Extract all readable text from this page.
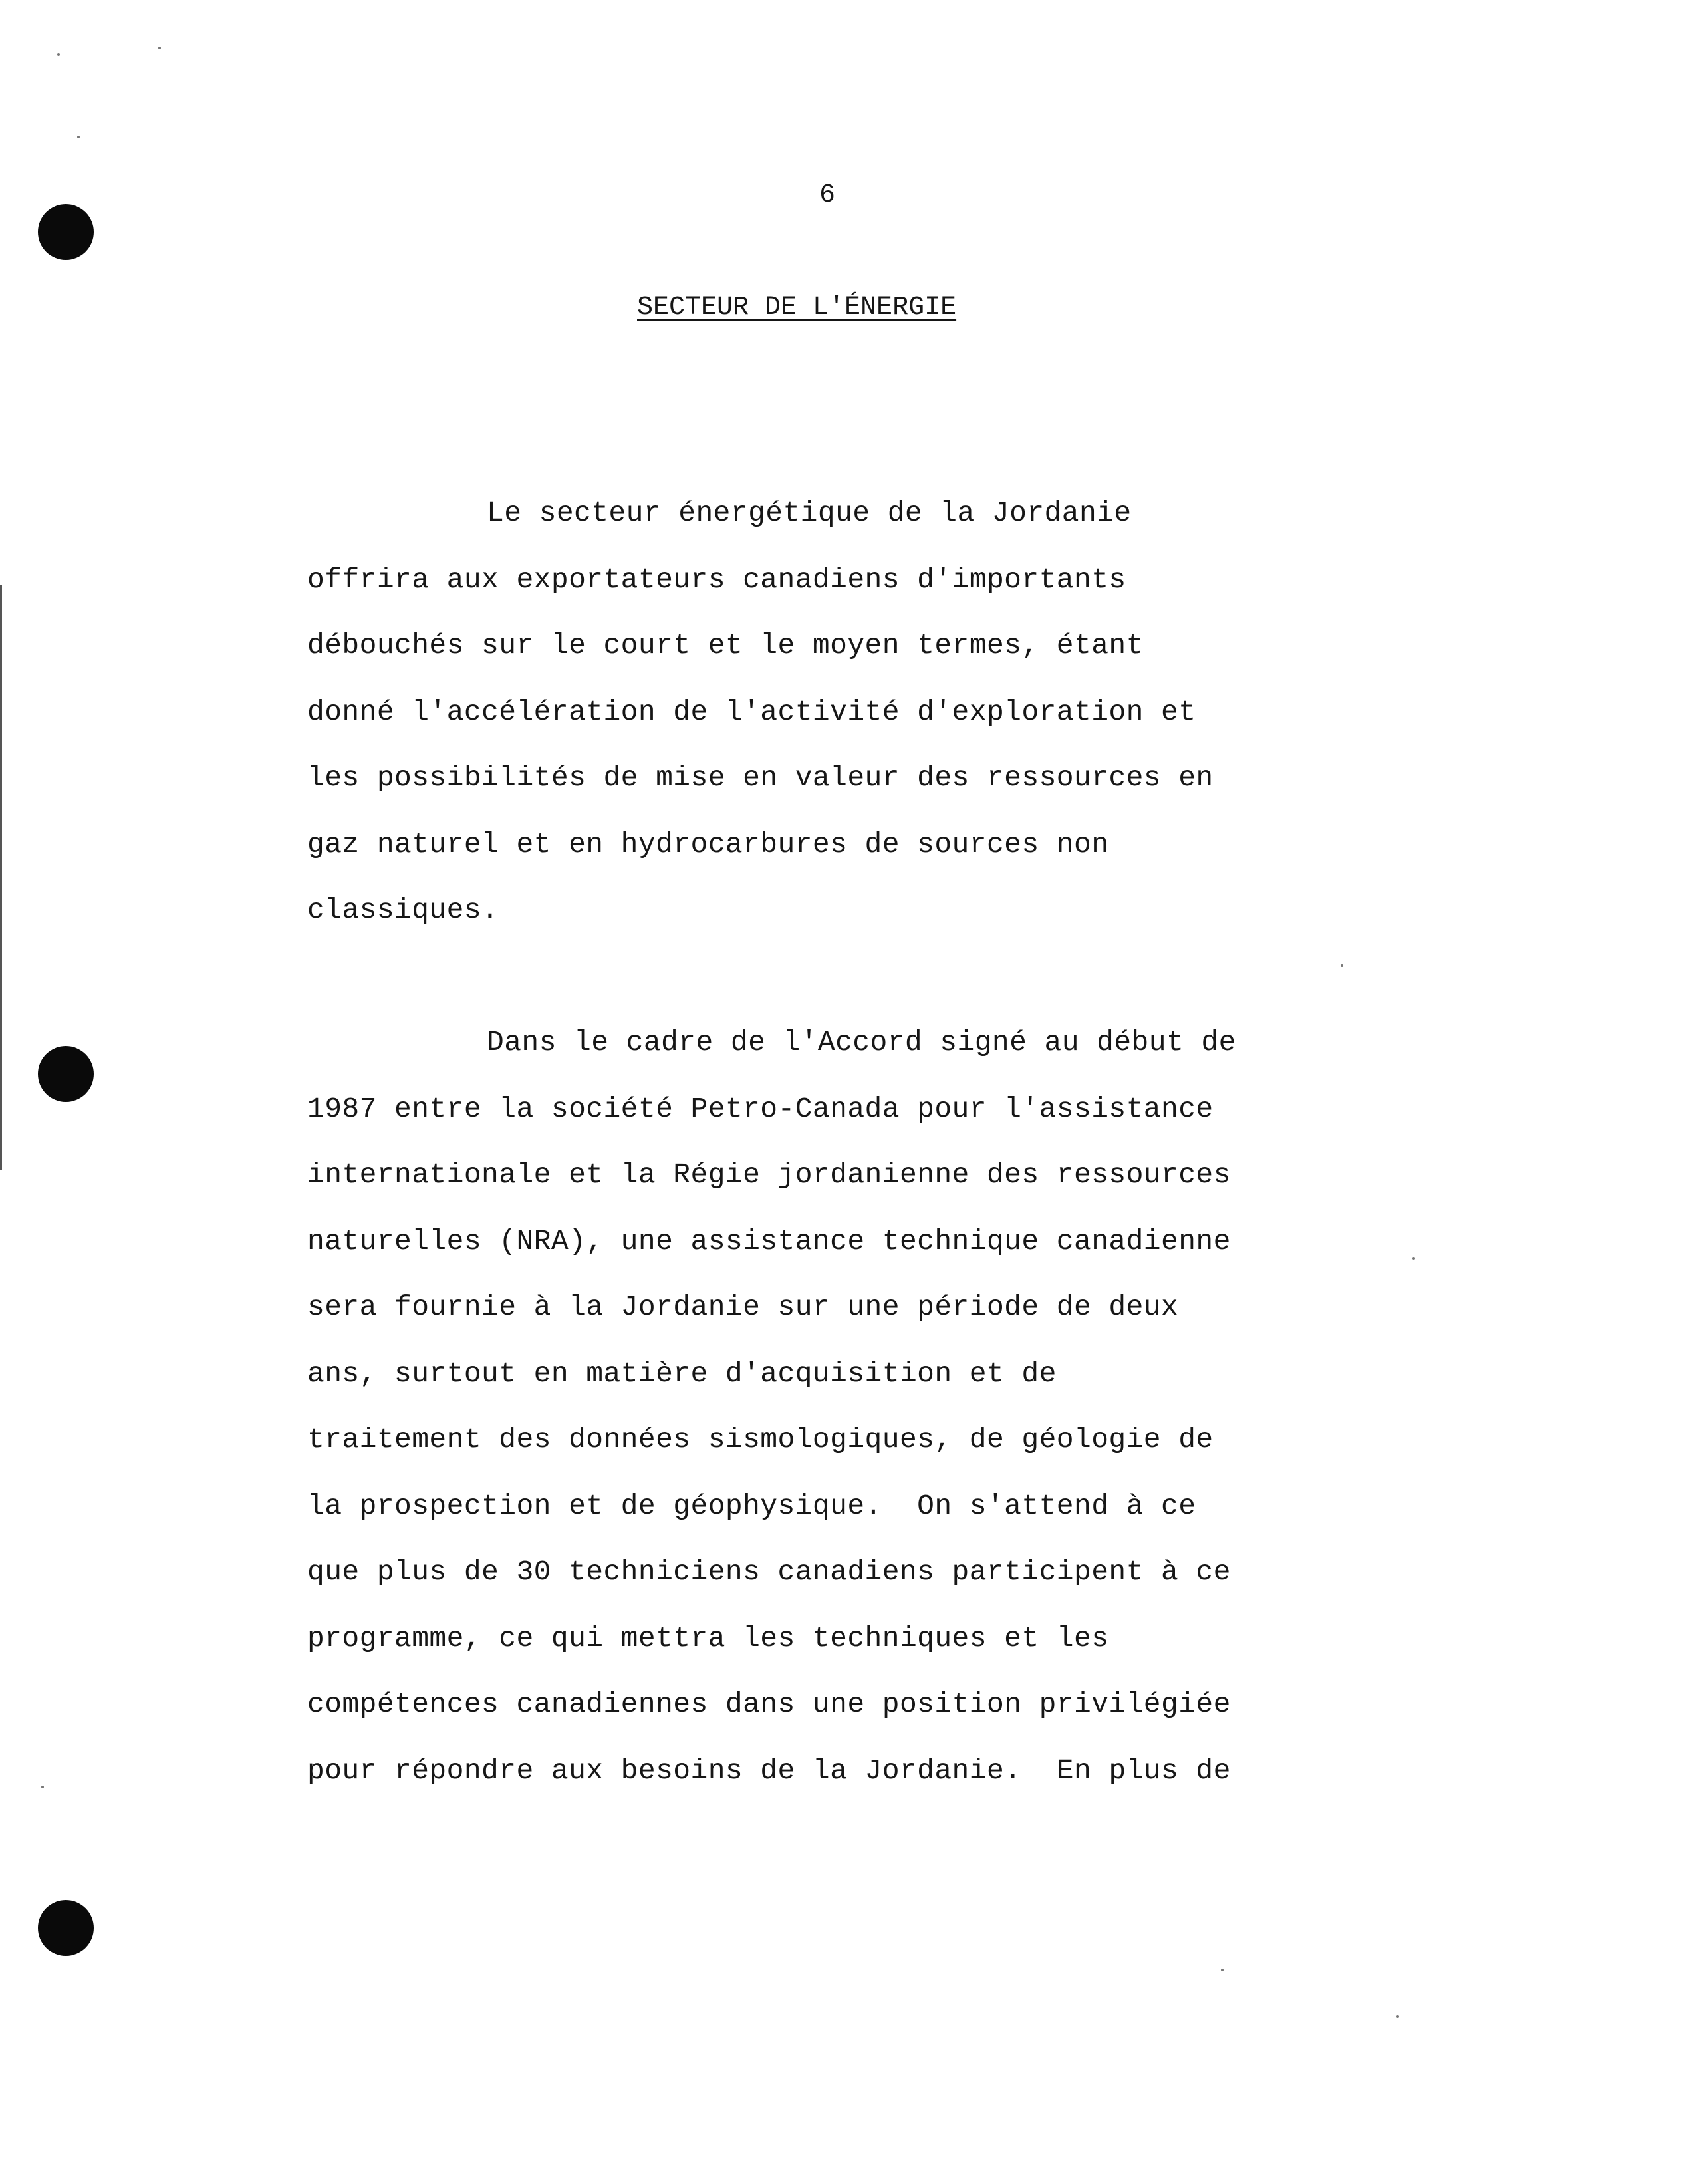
6
SECTEUR DE L'ÉNERGIE
Le secteur énergétique de la Jordanie
offrira aux exportateurs canadiens d'importants
débouchés sur le court et le moyen termes, étant
donné l'accélération de l'activité d'exploration et
les possibilités de mise en valeur des ressources en
gaz naturel et en hydrocarbures de sources non
classiques.
Dans le cadre de l'Accord signé au début de
1987 entre la société Petro-Canada pour l'assistance
internationale et la Régie jordanienne des ressources
naturelles (NRA), une assistance technique canadienne
sera fournie à la Jordanie sur une période de deux
ans, surtout en matière d'acquisition et de
traitement des données sismologiques, de géologie de
la prospection et de géophysique.  On s'attend à ce
que plus de 30 techniciens canadiens participent à ce
programme, ce qui mettra les techniques et les
compétences canadiennes dans une position privilégiée
pour répondre aux besoins de la Jordanie.  En plus de
